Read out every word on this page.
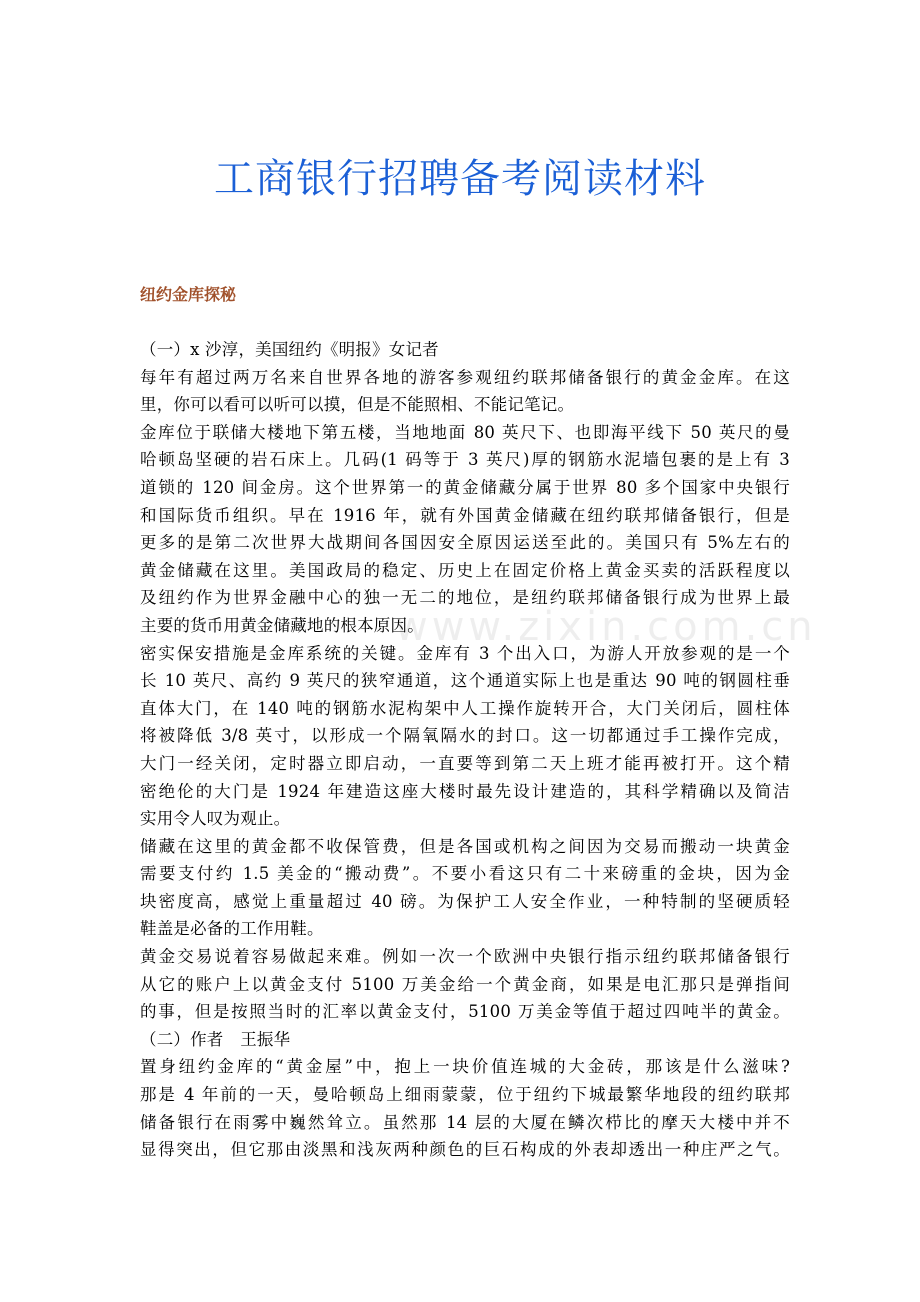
工商银行招聘备考阅读材料
纽约金库探秘
www.zixin.com.cn
（一）x 沙淳，美国纽约《明报》女记者
每年有超过两万名来自世界各地的游客参观纽约联邦储备银行的黄金金库。在这
里，你可以看可以听可以摸，但是不能照相、不能记笔记。
金库位于联储大楼地下第五楼，当地地面 80 英尺下、也即海平线下 50 英尺的曼
哈顿岛坚硬的岩石床上。几码(1 码等于 3 英尺)厚的钢筋水泥墙包裹的是上有 3
道锁的 120 间金房。这个世界第一的黄金储藏分属于世界 80 多个国家中央银行
和国际货币组织。早在 1916 年，就有外国黄金储藏在纽约联邦储备银行，但是
更多的是第二次世界大战期间各国因安全原因运送至此的。美国只有 5%左右的
黄金储藏在这里。美国政局的稳定、历史上在固定价格上黄金买卖的活跃程度以
及纽约作为世界金融中心的独一无二的地位，是纽约联邦储备银行成为世界上最
主要的货币用黄金储藏地的根本原因。
密实保安措施是金库系统的关键。金库有 3 个出入口，为游人开放参观的是一个
长 10 英尺、高约 9 英尺的狭窄通道，这个通道实际上也是重达 90 吨的钢圆柱垂
直体大门，在 140 吨的钢筋水泥构架中人工操作旋转开合，大门关闭后，圆柱体
将被降低 3/8 英寸，以形成一个隔氧隔水的封口。这一切都通过手工操作完成，
大门一经关闭，定时器立即启动，一直要等到第二天上班才能再被打开。这个精
密绝伦的大门是 1924 年建造这座大楼时最先设计建造的，其科学精确以及简洁
实用令人叹为观止。
储藏在这里的黄金都不收保管费，但是各国或机构之间因为交易而搬动一块黄金
需要支付约 1.5 美金的“搬动费”。不要小看这只有二十来磅重的金块，因为金
块密度高，感觉上重量超过 40 磅。为保护工人安全作业，一种特制的坚硬质轻
鞋盖是必备的工作用鞋。
黄金交易说着容易做起来难。例如一次一个欧洲中央银行指示纽约联邦储备银行
从它的账户上以黄金支付 5100 万美金给一个黄金商，如果是电汇那只是弹指间
的事，但是按照当时的汇率以黄金支付，5100 万美金等值于超过四吨半的黄金。
（二）作者　王振华
置身纽约金库的“黄金屋”中，抱上一块价值连城的大金砖，那该是什么滋味?
那是 4 年前的一天，曼哈顿岛上细雨蒙蒙，位于纽约下城最繁华地段的纽约联邦
储备银行在雨雾中巍然耸立。虽然那 14 层的大厦在鳞次栉比的摩天大楼中并不
显得突出，但它那由淡黑和浅灰两种颜色的巨石构成的外表却透出一种庄严之气。
